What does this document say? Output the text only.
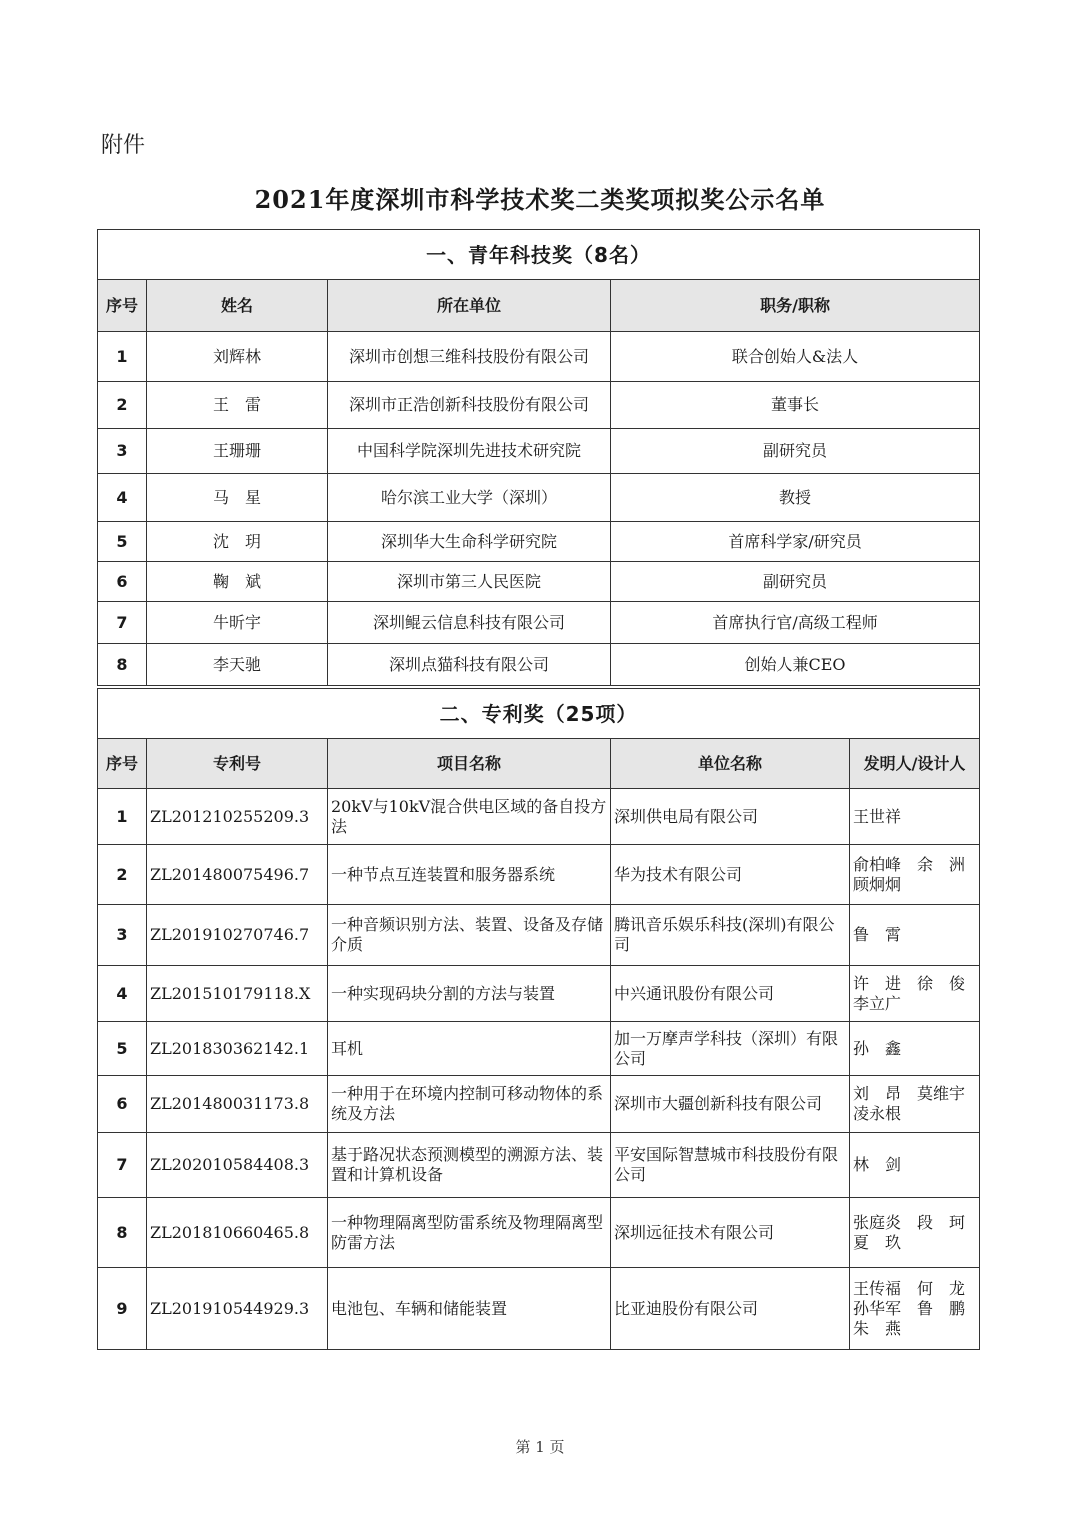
附件
2021年度深圳市科学技术奖二类奖项拟奖公示名单
一、青年科技奖（8名）			
序号	姓名	所在单位	职务/职称
1	刘辉林	深圳市创想三维科技股份有限公司	联合创始人&法人
2	王　雷	深圳市正浩创新科技股份有限公司	董事长
3	王珊珊	中国科学院深圳先进技术研究院	副研究员
4	马　星	哈尔滨工业大学（深圳）	教授
5	沈　玥	深圳华大生命科学研究院	首席科学家/研究员
6	鞠　斌	深圳市第三人民医院	副研究员
7	牛昕宇	深圳鲲云信息科技有限公司	首席执行官/高级工程师
8	李天驰	深圳点猫科技有限公司	创始人兼CEO
二、专利奖（25项）				
序号	专利号	项目名称	单位名称	发明人/设计人
1	ZL201210255209.3	20kV与10kV混合供电区域的备自投方法	深圳供电局有限公司	王世祥
2	ZL201480075496.7	一种节点互连装置和服务器系统	华为技术有限公司	俞柏峰　余　洲　顾炯炯
3	ZL201910270746.7	一种音频识别方法、装置、设备及存储介质	腾讯音乐娱乐科技(深圳)有限公司	鲁　霄
4	ZL201510179118.X	一种实现码块分割的方法与装置	中兴通讯股份有限公司	许　进　徐　俊　李立广
5	ZL201830362142.1	耳机	加一万摩声学科技（深圳）有限公司	孙　鑫
6	ZL201480031173.8	一种用于在环境内控制可移动物体的系统及方法	深圳市大疆创新科技有限公司	刘　昂　莫维宇　凌永根
7	ZL202010584408.3	基于路况状态预测模型的溯源方法、装置和计算机设备	平安国际智慧城市科技股份有限公司	林　剑
8	ZL201810660465.8	一种物理隔离型防雷系统及物理隔离型防雷方法	深圳远征技术有限公司	张庭炎　段　珂　夏　玖
9	ZL201910544929.3	电池包、车辆和储能装置	比亚迪股份有限公司	王传福　何　龙　孙华军　鲁　鹏　朱　燕
第 1 页
